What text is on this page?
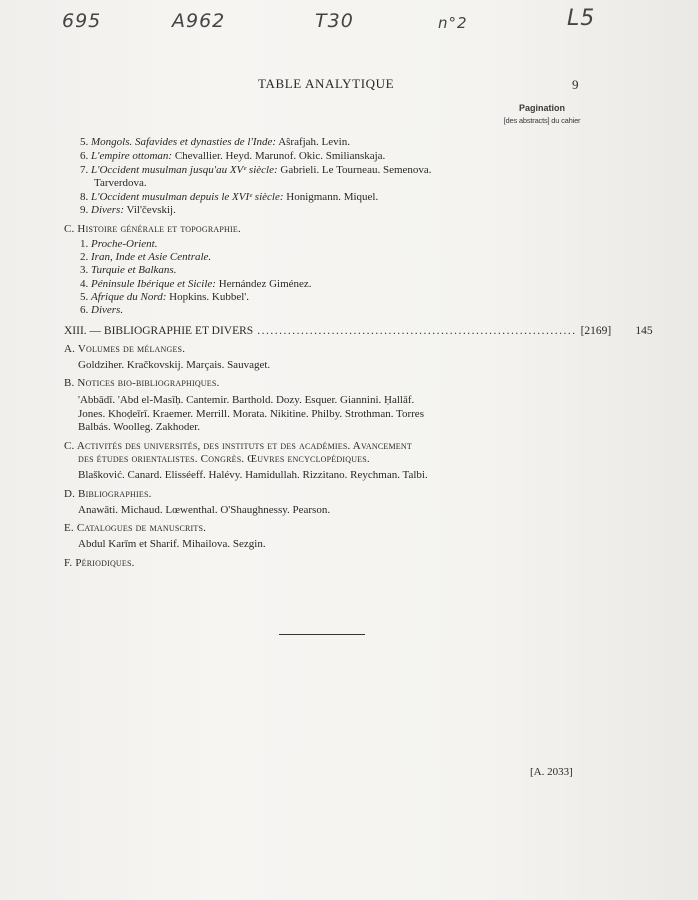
695	A962	T30	n°2	L5
TABLE ANALYTIQUE	9
Pagination
[des abstracts] du cahier
5. Mongols. Safavides et dynasties de l'Inde: Aŝrafjah. Levin.
6. L'empire ottoman: Chevallier. Heyd. Marunof. Okic. Smilianskaja.
7. L'Occident musulman jusqu'au XVᵉ siècle: Gabrieli. Le Tourneau. Semenova.
Tarverdova.
8. L'Occident musulman depuis le XVIᵉ siècle: Honigmann. Miquel.
9. Divers: Vil'čevskij.
C. Histoire générale et topographie.
1. Proche-Orient.
2. Iran, Inde et Asie Centrale.
3. Turquie et Balkans.
4. Péninsule Ibérique et Sicile: Hernández Giménez.
5. Afrique du Nord: Hopkins. Kubbel'.
6. Divers.
XIII. — BIBLIOGRAPHIE ET DIVERS ......................................................................... [2169]	145
A. Volumes de mélanges.
Goldziher. Kračkovskij. Marçais. Sauvaget.
B. Notices bio-bibliographiques.
'Abbādī. 'Abd el-Masīḥ. Cantemir. Barthold. Dozy. Esquer. Giannini. Ḥallāf.
Jones. Khoḍeīrī. Kraemer. Merrill. Morata. Nikitine. Philby. Strothman. Torres
Balbás. Woolleg. Zakhoder.
C. Activités des universités, des instituts et des académies. Avancement
des études orientalistes. Congrès. Œuvres encyclopédiques.
Blašković. Canard. Elisséeff. Halévy. Hamidullah. Rizzitano. Reychman. Talbi.
D. Bibliographies.
Anawāti. Michaud. Lœwenthal. O'Shaughnessy. Pearson.
E. Catalogues de manuscrits.
Abdul Karīm et Sharif. Mihailova. Sezgin.
F. Périodiques.
[A. 2033]
